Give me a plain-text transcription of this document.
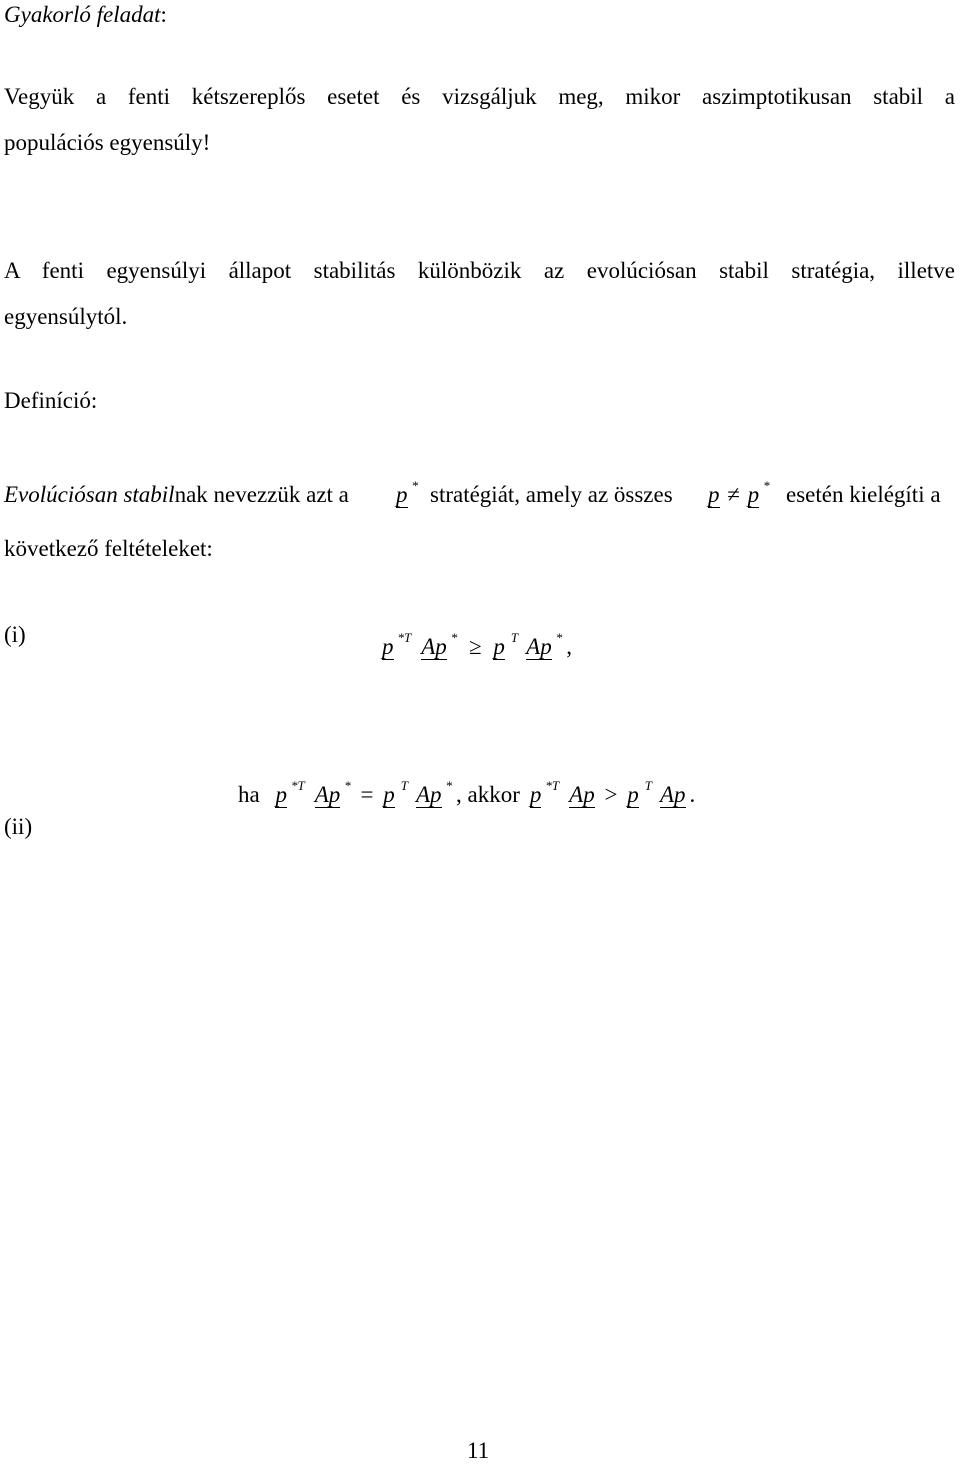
Gyakorló feladat:
Vegyük a fenti kétszereplős esetet és vizsgáljuk meg, mikor aszimptotikusan stabil a
populációs egyensúly!
A fenti egyensúlyi állapot stabilitás különbözik az evolúciósan stabil stratégia, illetve
egyensúlytól.
Definíció:
Evolúciósan stabilnak nevezzük azt a p * stratégiát, amely az összes p ≠ p * esetén kielégíti a
következő feltételeket:
(i)	p $^{*T}$ Ap * ≥ p $^T$ Ap * ,
(ii)
ha p $^{*T}$ Ap * = p $^T$ Ap * , akkor p $^{*T}$ Ap > p $^T$ Ap .
11
